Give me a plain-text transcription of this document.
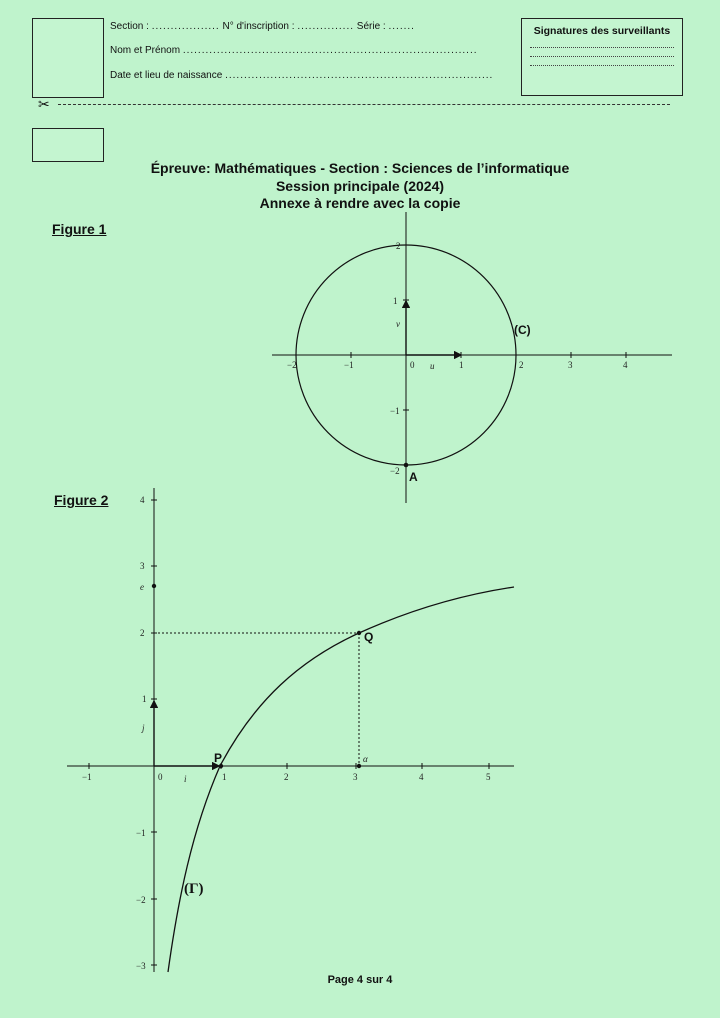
Section : .................. N° d'inscription : ............... Série : .......
Nom et Prénom ..............................................................................
Date et lieu de naissance .......................................................................
Signatures des surveillants
✂
Épreuve: Mathématiques - Section : Sciences de l’informatique
Session principale (2024)
Annexe à rendre avec la copie
Figure 1
Figure 2
−2	−1	0 u	1	2	3	4
2
1
v
−1
−2
(C)
A
4
3
e
2
1
j
−1
−2
−3
−1	0 i	1	2	3	4	5
α
P
Q
(Γ)
Page 4 sur 4
